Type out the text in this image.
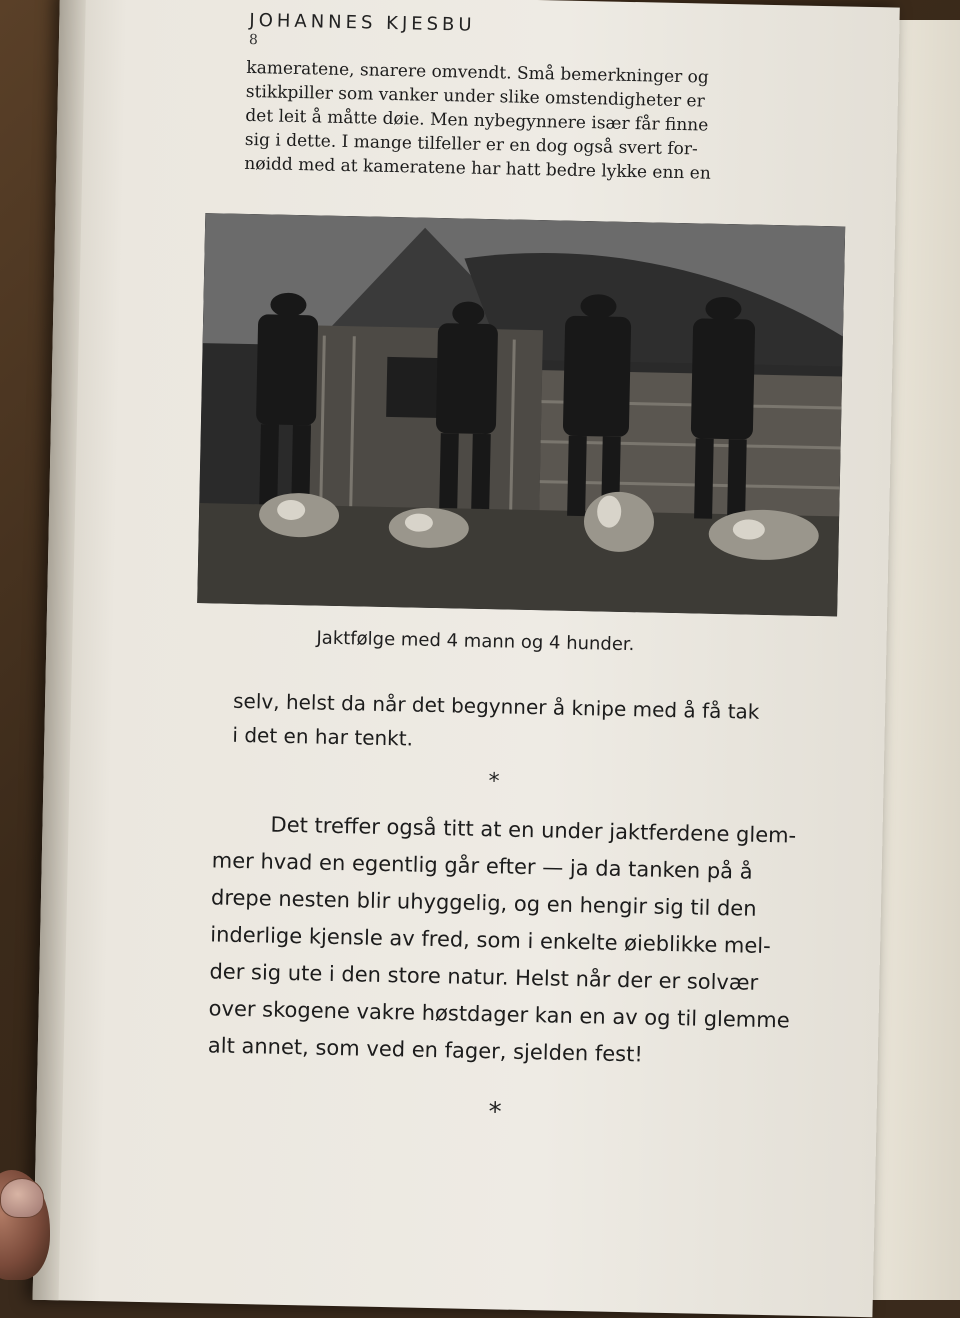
JOHANNES KJESBU
8
kameratene, snarere omvendt. Små bemerkninger og
stikkpiller som vanker under slike omstendigheter er
det leit å måtte døie. Men nybegynnere især får finne
sig i dette. I mange tilfeller er en dog også svert for-
nøidd med at kameratene har hatt bedre lykke enn en
Jaktfølge med 4 mann og 4 hunder.
selv, helst da når det begynner å knipe med å få tak
i det en har tenkt.
*
Det treffer også titt at en under jaktferdene glem-
mer hvad en egentlig går efter — ja da tanken på å
drepe nesten blir uhyggelig, og en hengir sig til den
inderlige kjensle av fred, som i enkelte øieblikke mel-
der sig ute i den store natur. Helst når der er solvær
over skogene vakre høstdager kan en av og til glemme
alt annet, som ved en fager, sjelden fest!
*
